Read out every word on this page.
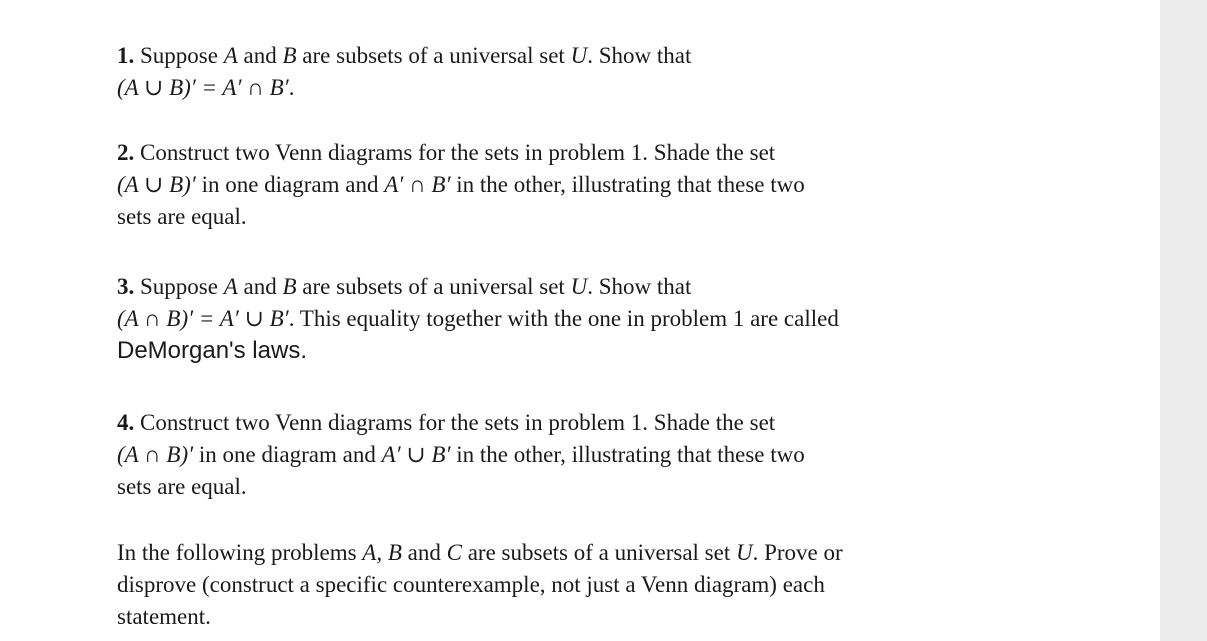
1. Suppose A and B are subsets of a universal set U. Show that
(A ∪ B)′ = A′ ∩ B′.
2. Construct two Venn diagrams for the sets in problem 1. Shade the set
(A ∪ B)′ in one diagram and A′ ∩ B′ in the other, illustrating that these two
sets are equal.
3. Suppose A and B are subsets of a universal set U. Show that
(A ∩ B)′ = A′ ∪ B′. This equality together with the one in problem 1 are called
DeMorgan's laws.
4. Construct two Venn diagrams for the sets in problem 1. Shade the set
(A ∩ B)′ in one diagram and A′ ∪ B′ in the other, illustrating that these two
sets are equal.
In the following problems A, B and C are subsets of a universal set U. Prove or
disprove (construct a specific counterexample, not just a Venn diagram) each
statement.
